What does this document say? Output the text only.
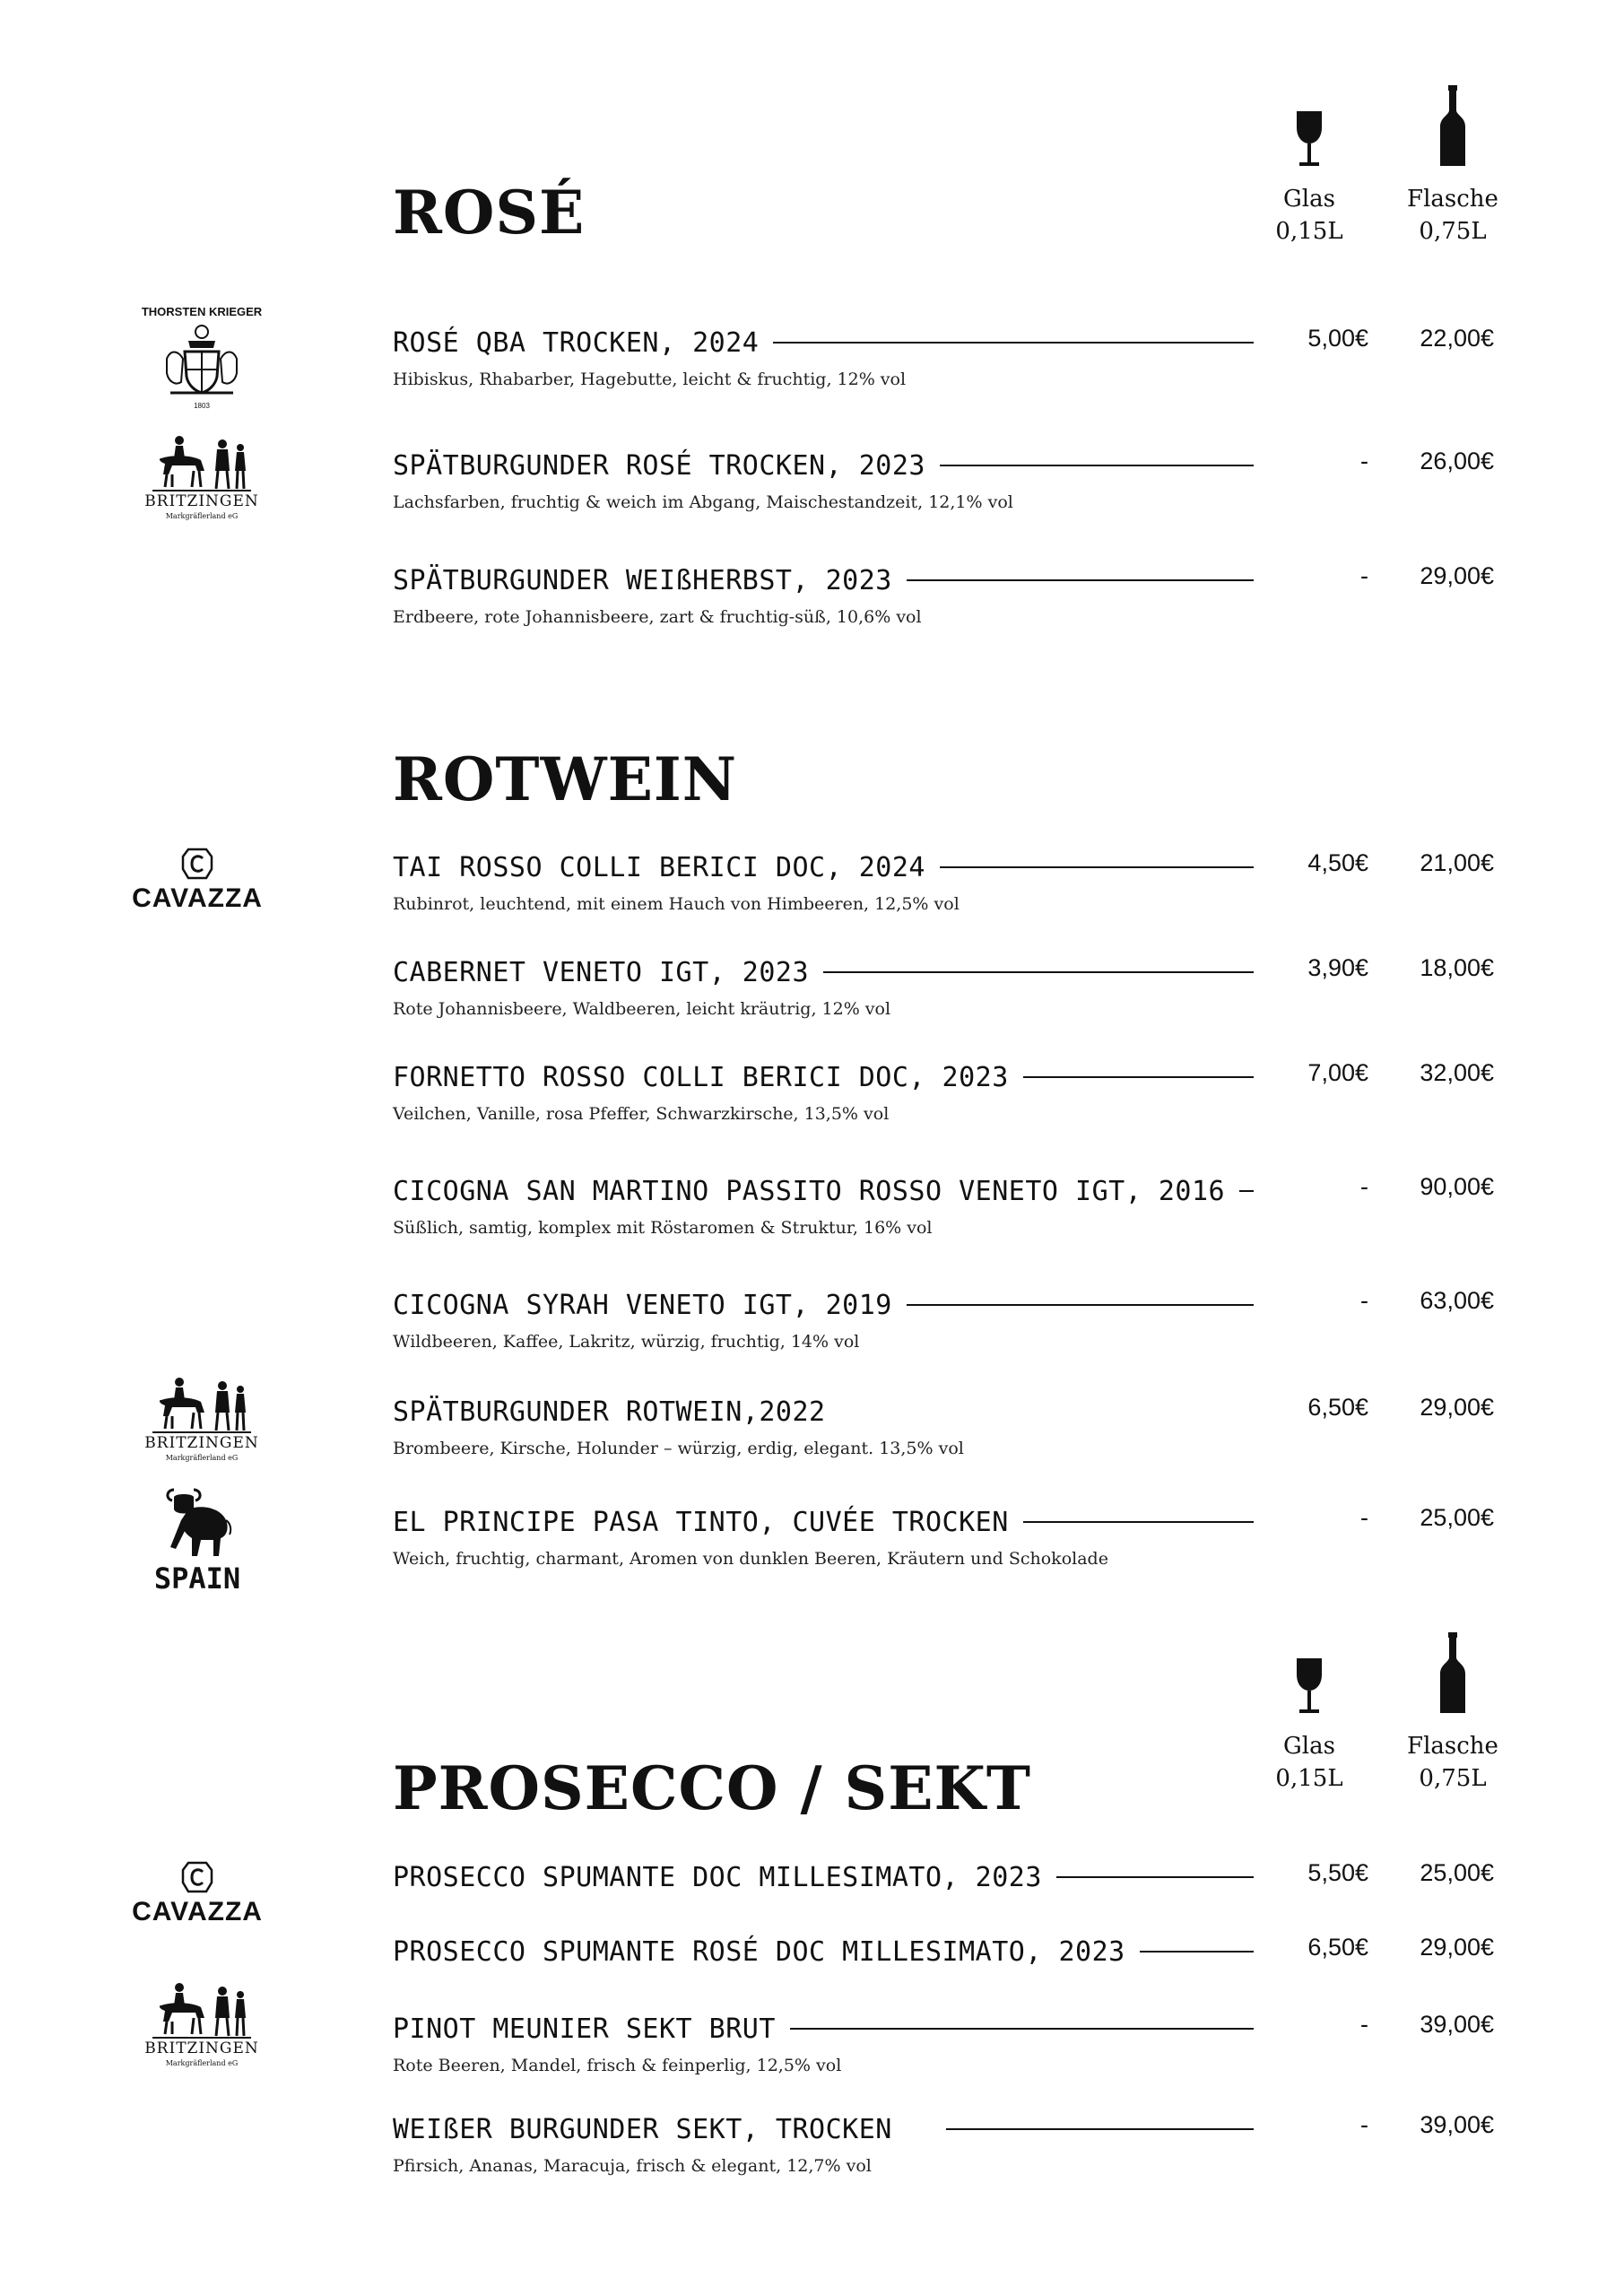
Glas
0,15L
Flasche
0,75L
ROSÉ
THORSTEN KRIEGER
1803
BRITZINGEN
Markgräflerland eG
ROSÉ QBA TROCKEN, 2024
Hibiskus, Rhabarber, Hagebutte, leicht & fruchtig, 12% vol
5,00€	22,00€
SPÄTBURGUNDER ROSÉ TROCKEN, 2023
Lachsfarben, fruchtig & weich im Abgang, Maischestandzeit, 12,1% vol
-	26,00€
SPÄTBURGUNDER WEIßHERBST, 2023
Erdbeere, rote Johannisbeere, zart & fruchtig-süß, 10,6% vol
-	29,00€
ROTWEIN
CAVAZZA
TAI ROSSO COLLI BERICI DOC, 2024
Rubinrot, leuchtend, mit einem Hauch von Himbeeren, 12,5% vol
4,50€	21,00€
CABERNET VENETO IGT, 2023
Rote Johannisbeere, Waldbeeren, leicht kräutrig, 12% vol
3,90€	18,00€
FORNETTO ROSSO COLLI BERICI DOC, 2023
Veilchen, Vanille, rosa Pfeffer, Schwarzkirsche, 13,5% vol
7,00€	32,00€
CICOGNA SAN MARTINO PASSITO ROSSO VENETO IGT, 2016
Süßlich, samtig, komplex mit Röstaromen & Struktur, 16% vol
-	90,00€
CICOGNA SYRAH VENETO IGT, 2019
Wildbeeren, Kaffee, Lakritz, würzig, fruchtig, 14% vol
-	63,00€
BRITZINGEN
Markgräflerland eG
SPÄTBURGUNDER ROTWEIN,2022
Brombeere, Kirsche, Holunder – würzig, erdig, elegant. 13,5% vol
6,50€	29,00€
SPAIN
EL PRINCIPE PASA TINTO, CUVÉE TROCKEN
Weich, fruchtig, charmant, Aromen von dunklen Beeren, Kräutern und Schokolade
-	25,00€
Glas
0,15L
Flasche
0,75L
PROSECCO / SEKT
CAVAZZA
PROSECCO SPUMANTE DOC MILLESIMATO, 2023	5,50€	25,00€
PROSECCO SPUMANTE ROSÉ DOC MILLESIMATO, 2023	6,50€	29,00€
BRITZINGEN
Markgräflerland eG
PINOT MEUNIER SEKT BRUT
Rote Beeren, Mandel, frisch & feinperlig, 12,5% vol
-	39,00€
WEIßER BURGUNDER SEKT, TROCKEN
Pfirsich, Ananas, Maracuja, frisch & elegant, 12,7% vol
-	39,00€
